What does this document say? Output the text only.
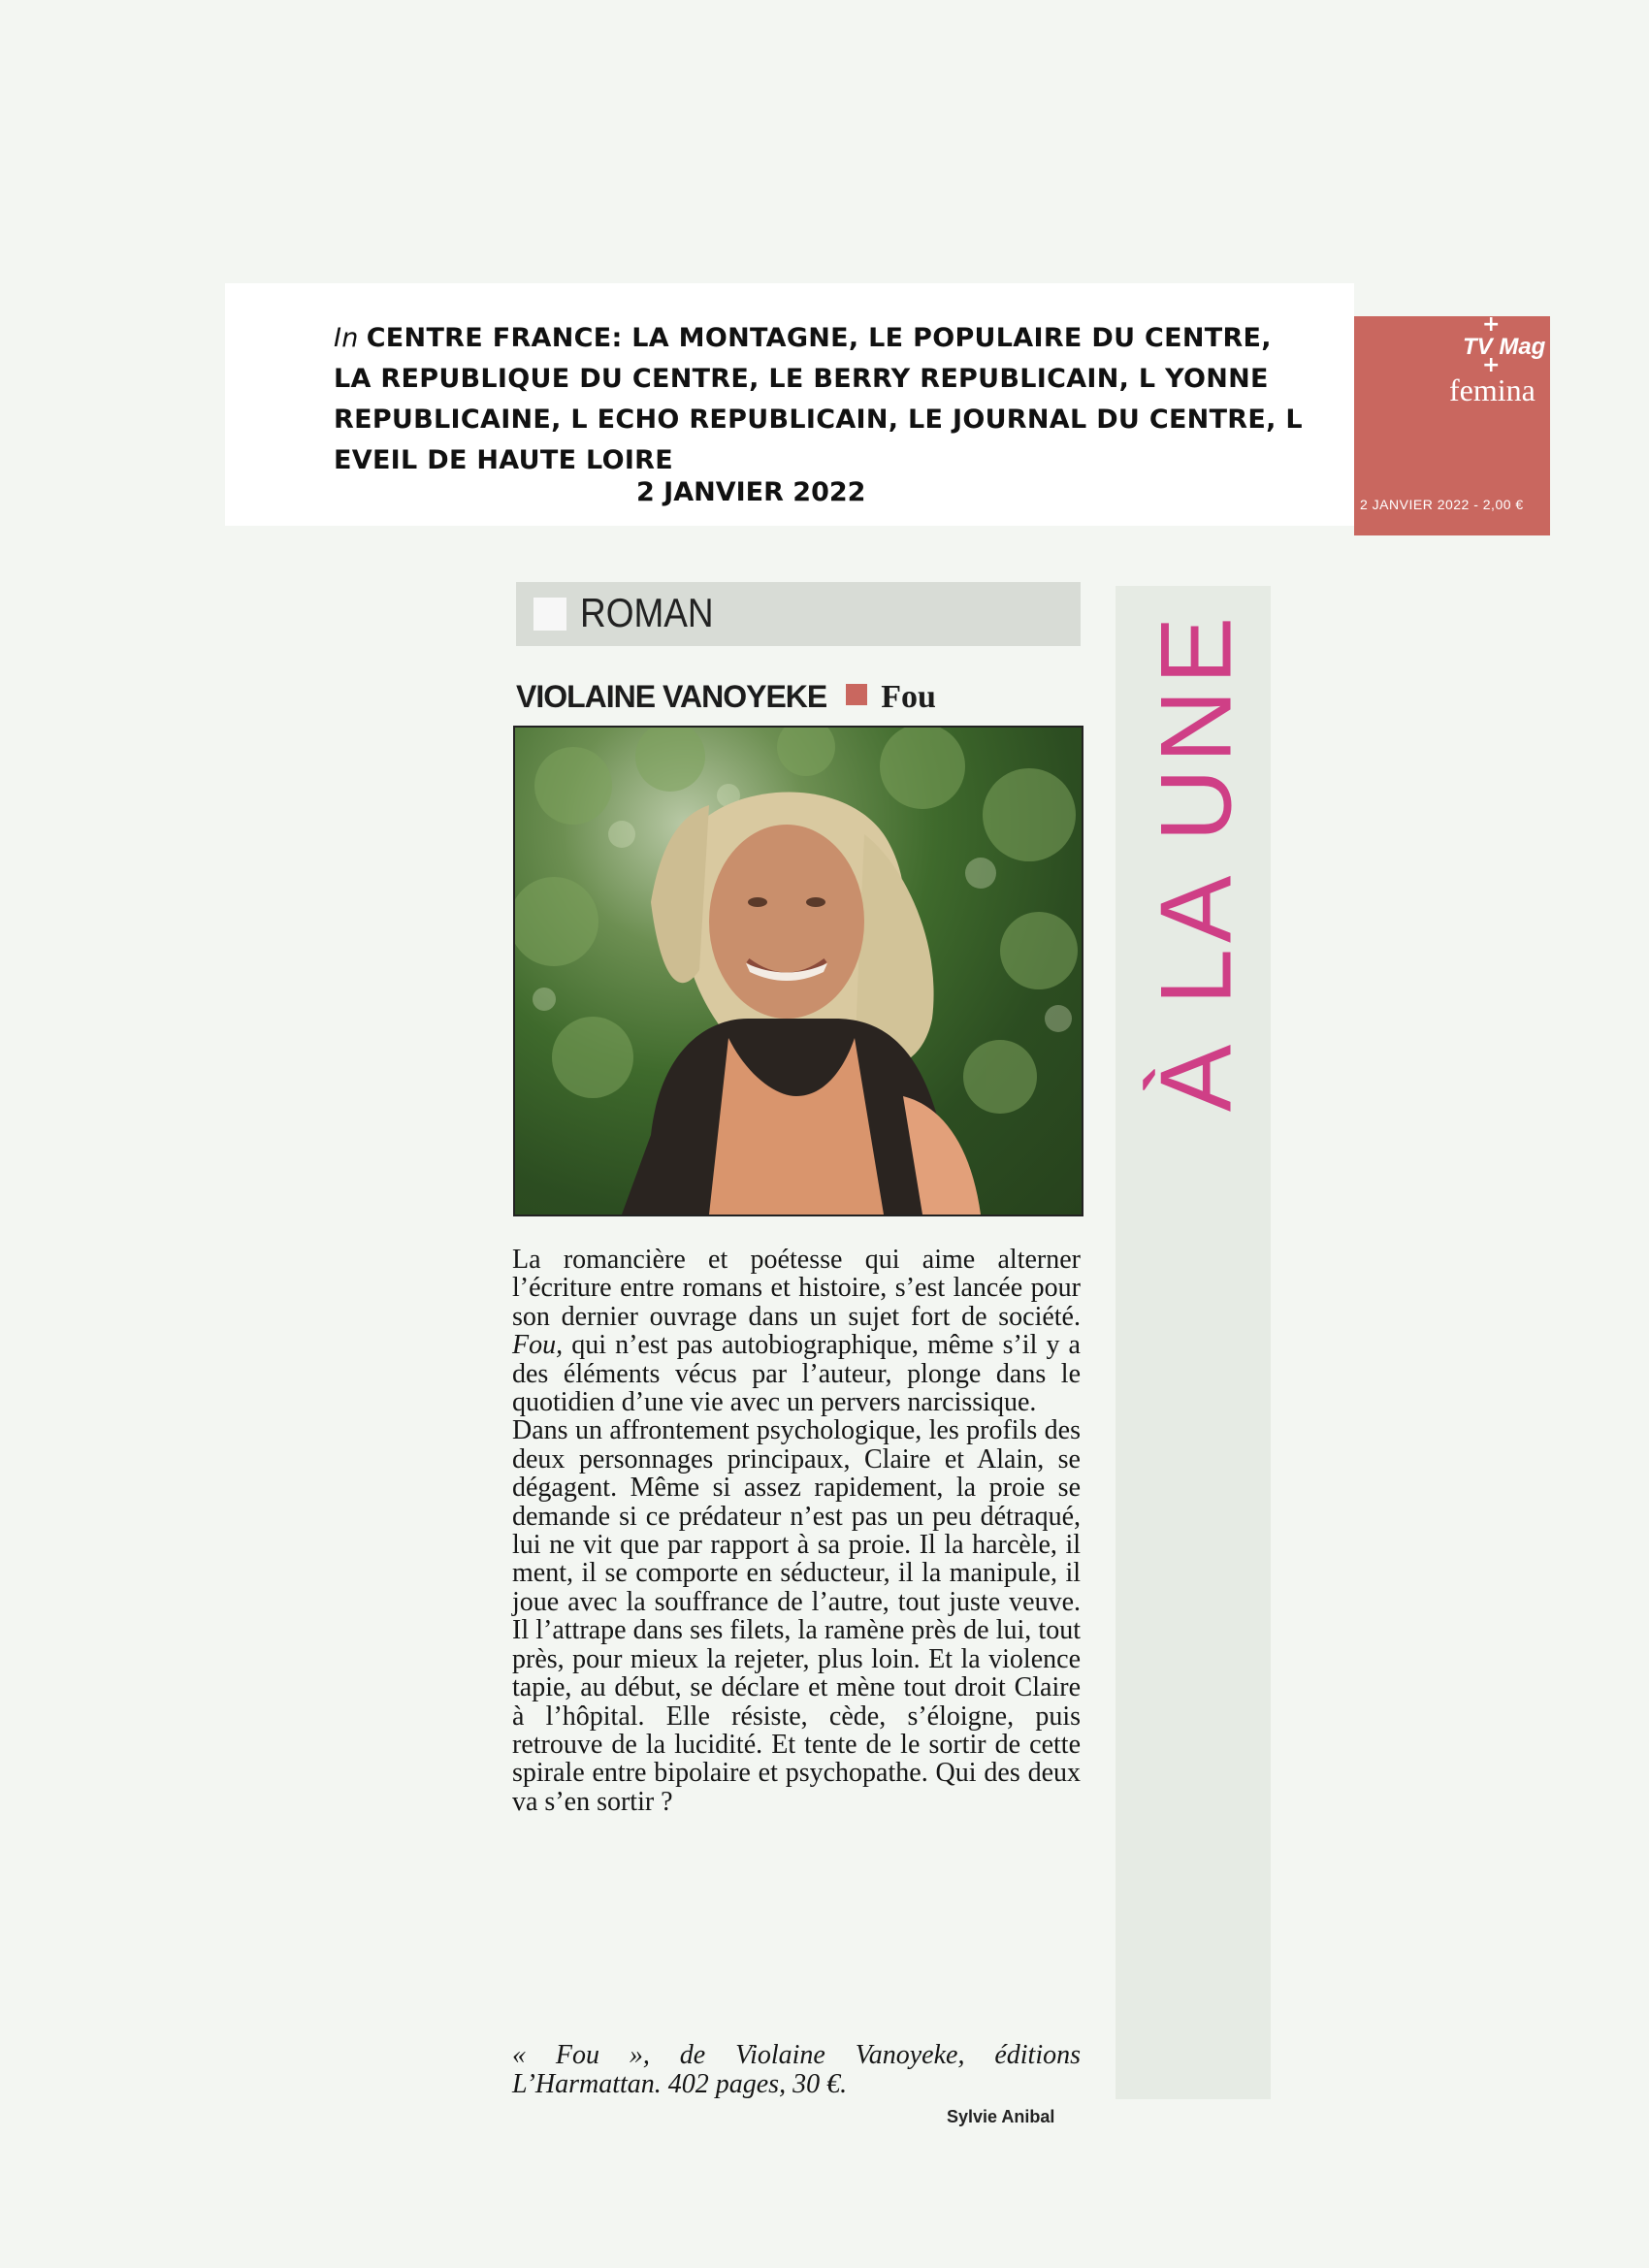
In CENTRE FRANCE: LA MONTAGNE, LE POPULAIRE DU CENTRE, LA REPUBLIQUE DU CENTRE, LE BERRY REPUBLICAIN, L YONNE REPUBLICAINE, L ECHO REPUBLICAIN, LE JOURNAL DU CENTRE, L EVEIL DE HAUTE LOIRE
2 JANVIER 2022
+
TV Mag
+
femina
2 JANVIER 2022 - 2,00 €
À LA UNE
ROMAN
VIOLAINE VANOYEKE Fou

La romancière et poétesse qui aime alterner l’écriture entre romans et histoire, s’est lancée pour son dernier ouvrage dans un sujet fort de société. Fou, qui n’est pas autobiographique, même s’il y a des éléments vécus par l’auteur, plonge dans le quotidien d’une vie avec un pervers narcissique.

Dans un affrontement psychologique, les profils des deux personnages principaux, Claire et Alain, se dégagent. Même si assez rapidement, la proie se demande si ce prédateur n’est pas un peu détraqué, lui ne vit que par rapport à sa proie. Il la harcèle, il ment, il se comporte en séducteur, il la manipule, il joue avec la souffrance de l’autre, tout juste veuve. Il l’attrape dans ses filets, la ramène près de lui, tout près, pour mieux la rejeter, plus loin. Et la violence tapie, au début, se déclare et mène tout droit Claire à l’hôpital. Elle résiste, cède, s’éloigne, puis retrouve de la lucidité. Et tente de le sortir de cette spirale entre bipolaire et psychopathe. Qui des deux va s’en sortir ?

« Fou », de Violaine Vanoyeke, éditions L’Harmattan. 402 pages, 30 €.
Sylvie Anibal
